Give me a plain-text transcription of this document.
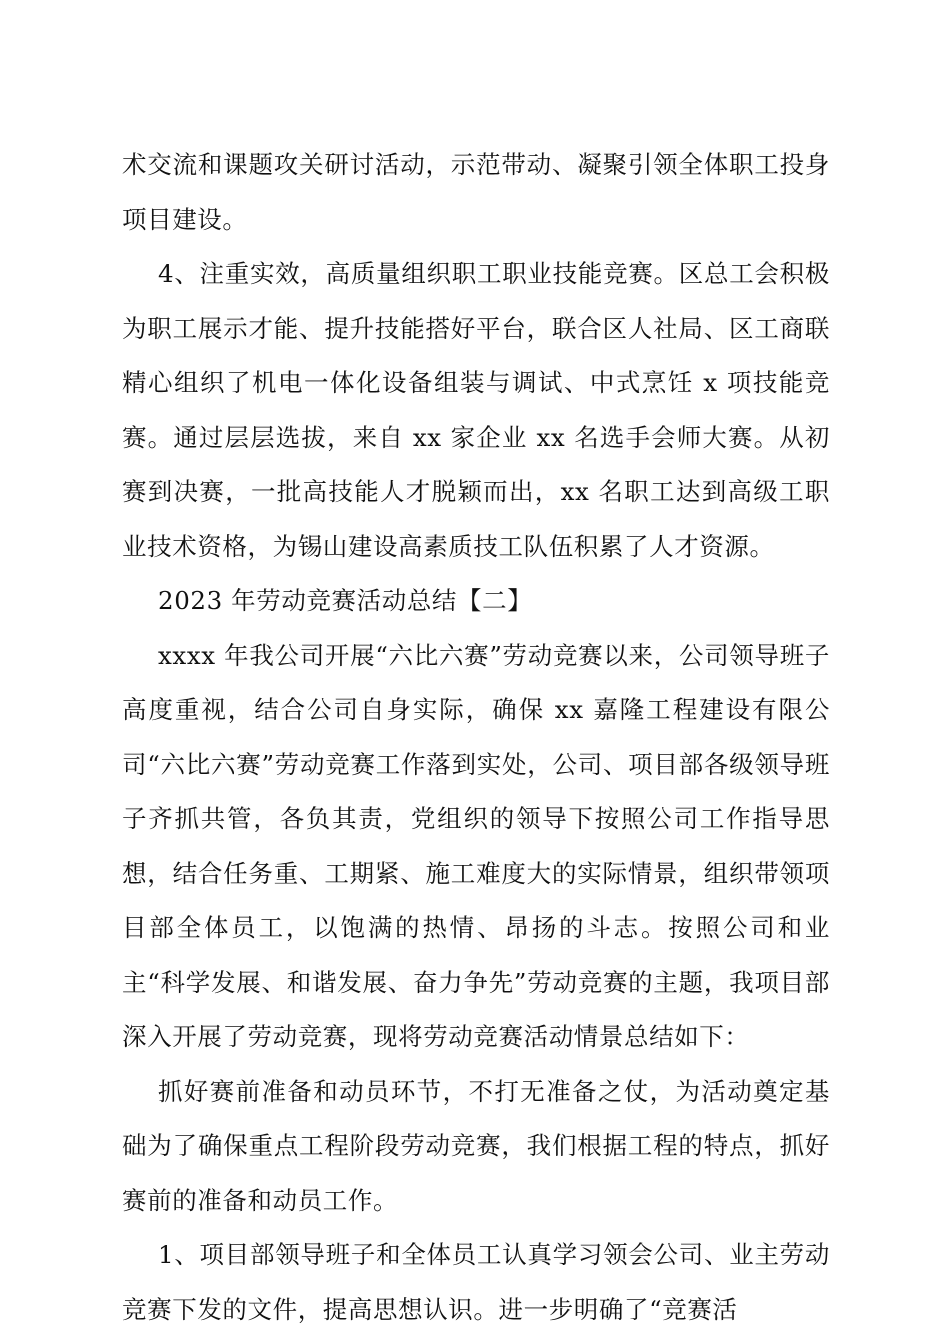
术交流和课题攻关研讨活动，示范带动、凝聚引领全体职工投身项目建设。

4、注重实效，高质量组织职工职业技能竞赛。区总工会积极为职工展示才能、提升技能搭好平台，联合区人社局、区工商联精心组织了机电一体化设备组装与调试、中式烹饪 x 项技能竞赛。通过层层选拔，来自 xx 家企业 xx 名选手会师大赛。从初赛到决赛，一批高技能人才脱颖而出，xx 名职工达到高级工职业技术资格，为锡山建设高素质技工队伍积累了人才资源。

2023 年劳动竞赛活动总结【二】

xxxx 年我公司开展“六比六赛”劳动竞赛以来，公司领导班子高度重视，结合公司自身实际，确保 xx 嘉隆工程建设有限公司“六比六赛”劳动竞赛工作落到实处，公司、项目部各级领导班子齐抓共管，各负其责，党组织的领导下按照公司工作指导思想，结合任务重、工期紧、施工难度大的实际情景，组织带领项目部全体员工，以饱满的热情、昂扬的斗志。按照公司和业主“科学发展、和谐发展、奋力争先”劳动竞赛的主题，我项目部深入开展了劳动竞赛，现将劳动竞赛活动情景总结如下：

抓好赛前准备和动员环节，不打无准备之仗，为活动奠定基础为了确保重点工程阶段劳动竞赛，我们根据工程的特点，抓好赛前的准备和动员工作。

1、项目部领导班子和全体员工认真学习领会公司、业主劳动竞赛下发的文件，提高思想认识。进一步明确了“竞赛活
